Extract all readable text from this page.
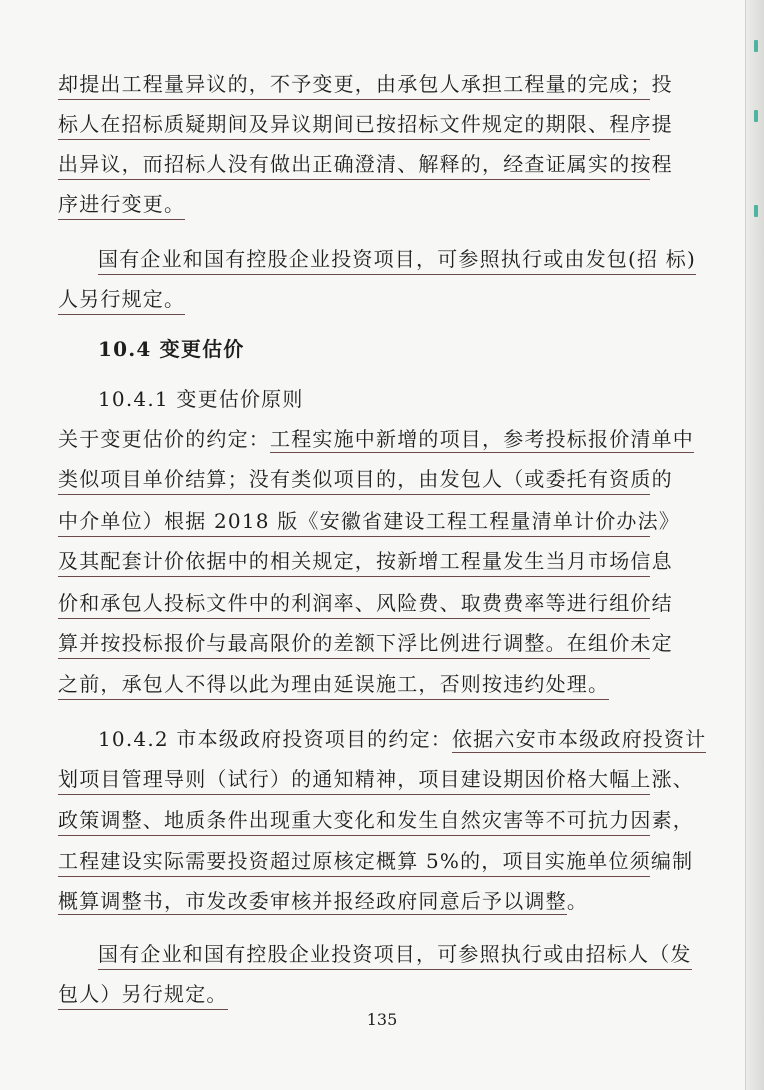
却提出工程量异议的，不予变更，由承包人承担工程量的完成；投
标人在招标质疑期间及异议期间已按招标文件规定的期限、程序提
出异议，而招标人没有做出正确澄清、解释的，经查证属实的按程
序进行变更。
国有企业和国有控股企业投资项目，可参照执行或由发包(招 标)
人另行规定。
10.4 变更估价
10.4.1 变更估价原则
关于变更估价的约定：工程实施中新增的项目，参考投标报价清单中
类似项目单价结算；没有类似项目的，由发包人（或委托有资质的
中介单位）根据 2018 版《安徽省建设工程工程量清单计价办法》
及其配套计价依据中的相关规定，按新增工程量发生当月市场信息
价和承包人投标文件中的利润率、风险费、取费费率等进行组价结
算并按投标报价与最高限价的差额下浮比例进行调整。在组价未定
之前，承包人不得以此为理由延误施工，否则按违约处理。
10.4.2 市本级政府投资项目的约定：依据六安市本级政府投资计
划项目管理导则（试行）的通知精神，项目建设期因价格大幅上涨、
政策调整、地质条件出现重大变化和发生自然灾害等不可抗力因素，
工程建设实际需要投资超过原核定概算 5%的，项目实施单位须编制
概算调整书，市发改委审核并报经政府同意后予以调整。
国有企业和国有控股企业投资项目，可参照执行或由招标人（发
包人）另行规定。
135
